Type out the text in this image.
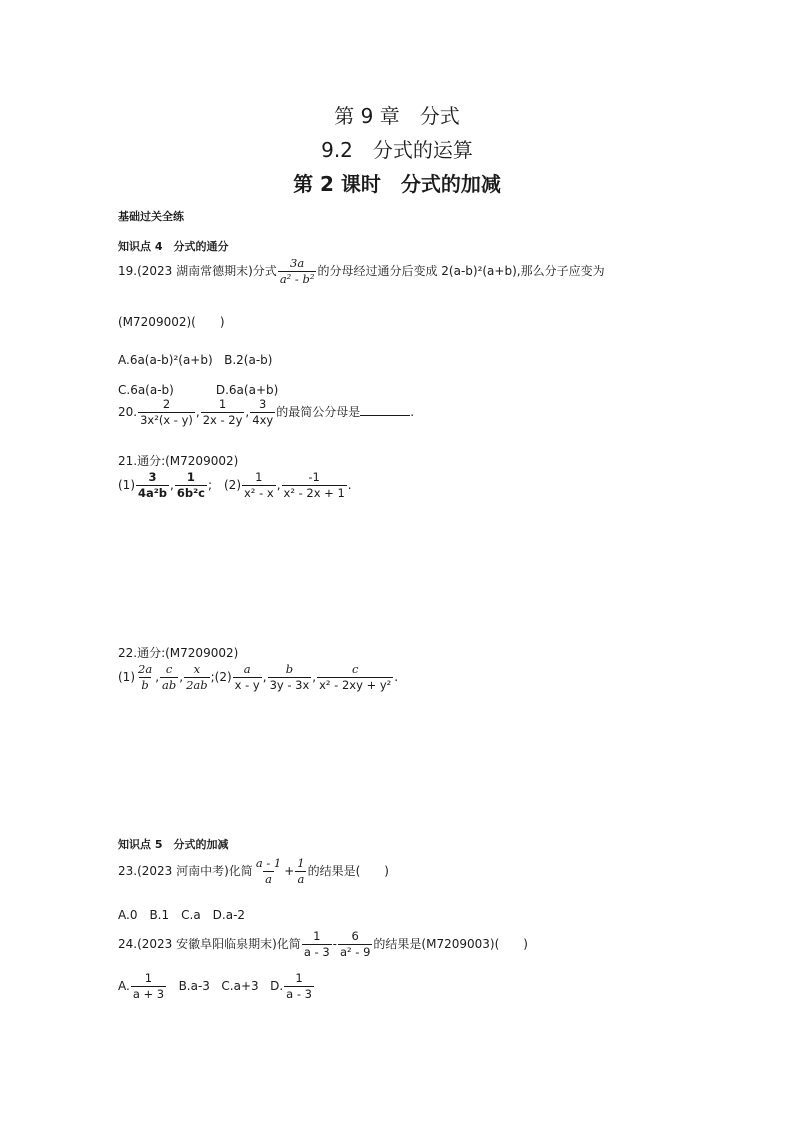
第 9 章　分式
9.2　分式的运算
第 2 课时　分式的加减
基础过关全练
知识点 4　分式的通分
19.(2023 湖南常德期末)分式 $\frac{3a}{\text{a² - b²}}$ 的分母经过通分后变成 2(a-b)²(a+b),那么分子应变为
(M7209002)(　　)
A.6a(a-b)²(a+b) B.2(a-b)
C.6a(a-b)	D.6a(a+b)
20. $\frac{2}{\text{3x²(x - y)}}$ , $\frac{1}{2x - 2y}$ , $\frac{3}{4xy}$ 的最简公分母是	.
21.通分:(M7209002)
$(1) \frac{3}{\text{4a²b}}$ , $\frac{1}{\text{6b²c}}$ ;　$(2) \frac{1}{\text{x² - x}}$ , $\frac{-1}{\text{x² - 2x + 1}}$ .
22.通分:(M7209002)
$(1) \frac{2a}{b}$ , $\frac{c}{ab}$ , $\frac{x}{2ab}$ ;(2) $\frac{a}{x - y}$ , $\frac{b}{3y - 3x}$ , $\frac{c}{\text{x² - 2xy + y²}}$ .
知识点 5　分式的加减
23.(2023 河南中考)化简 $\frac{a - 1}{a} + \frac{1}{a}$ 的结果是(　　)
A.0　B.1　C.a　D.a-2
24.(2023 安徽阜阳临泉期末)化简 $\frac{1}{a - 3} - \frac{6}{\text{a² - 9}}$ 的结果是(M7209003)(　　)
A. $\frac{1}{a + 3} B.a-3$ C.a+3 D. $\frac{1}{a - 3}$
